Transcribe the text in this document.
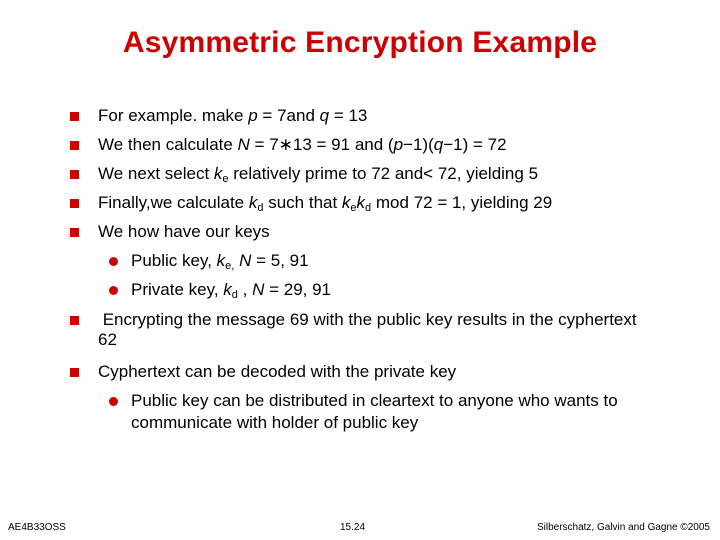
Asymmetric Encryption Example
For example. make p = 7and q = 13
We then calculate N = 7∗13 = 91 and (p−1)(q−1) = 72
We next select $k_e$ relatively prime to 72 and< 72, yielding 5
Finally,we calculate $k_d$ such that $k_ek_d$ mod 72 = 1, yielding 29
We how have our keys
Public key, $k_{e,}$ N = 5, 91
Private key, $k_d$ , N = 29, 91
Encrypting the message 69 with the public key results in the cyphertext
62
Cyphertext can be decoded with the private key
Public key can be distributed in cleartext to anyone who wants to
communicate with holder of public key
AE4B33OSS	15.24	Silberschatz, Galvin and Gagne ©2005
